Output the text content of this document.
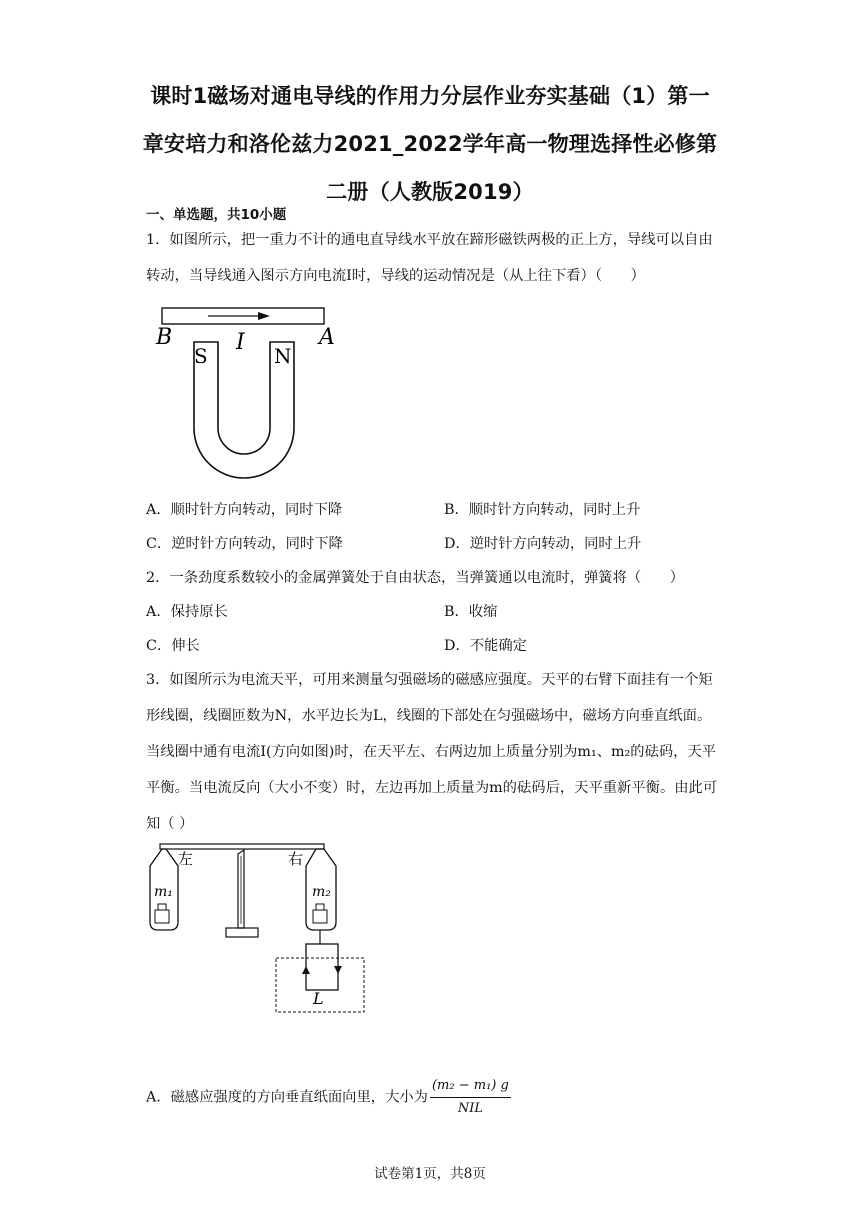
课时1磁场对通电导线的作用力分层作业夯实基础（1）第一
章安培力和洛伦兹力2021_2022学年高一物理选择性必修第
二册（人教版2019）
一、单选题，共10小题
1．如图所示，把一重力不计的通电直导线水平放在蹄形磁铁两极的正上方，导线可以自由转动，当导线通入图示方向电流I时，导线的运动情况是（从上往下看）（　　）
B	A
I
S	N
A．顺时针方向转动，同时下降	B．顺时针方向转动，同时上升
C．逆时针方向转动，同时下降	D．逆时针方向转动，同时上升
2．一条劲度系数较小的金属弹簧处于自由状态，当弹簧通以电流时，弹簧将（　　）
A．保持原长	B．收缩
C．伸长	D．不能确定
3．如图所示为电流天平，可用来测量匀强磁场的磁感应强度。天平的右臂下面挂有一个矩形线圈，线圈匝数为N，水平边长为L，线圈的下部处在匀强磁场中，磁场方向垂直纸面。当线圈中通有电流I(方向如图)时，在天平左、右两边加上质量分别为m₁、m₂的砝码，天平平衡。当电流反向（大小不变）时，左边再加上质量为m的砝码后，天平重新平衡。由此可知（ ）
左	右
m₁	m₂
L
A．磁感应强度的方向垂直纸面向里，大小为 $\frac{\text{(m₂ − m₁) g}}{\text{NIL}}$
试卷第1页，共8页
